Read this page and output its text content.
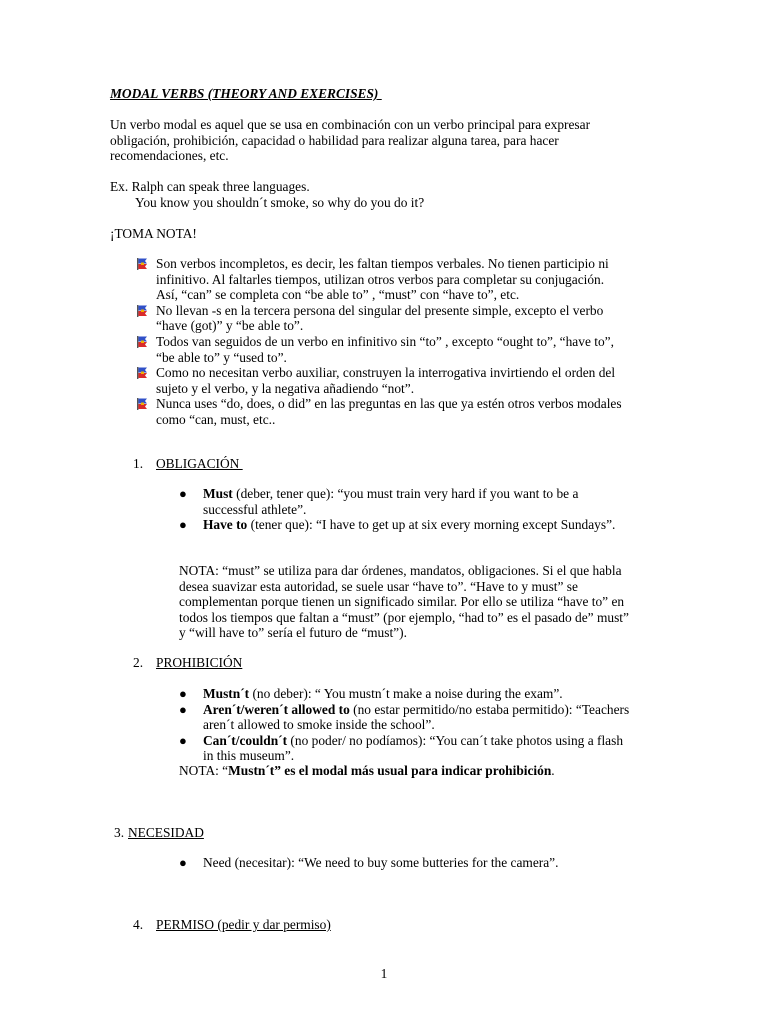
MODAL VERBS (THEORY AND EXERCISES)
Un verbo modal es aquel que se usa en combinación con un verbo principal para expresar
obligación, prohibición, capacidad o habilidad para realizar alguna tarea, para hacer
recomendaciones, etc.
Ex. Ralph can speak three languages.
You know you shouldn´t smoke, so why do you do it?
¡TOMA NOTA!
Son verbos incompletos, es decir, les faltan tiempos verbales. No tienen participio ni
infinitivo. Al faltarles tiempos, utilizan otros verbos para completar su conjugación.
Así, “can” se completa con “be able to” , “must” con “have to”, etc.
No llevan -s en la tercera persona del singular del presente simple, excepto el verbo
“have (got)” y “be able to”.
Todos van seguidos de un verbo en infinitivo sin “to” , excepto “ought to”, “have to”,
“be able to” y “used to”.
Como no necesitan verbo auxiliar, construyen la interrogativa invirtiendo el orden del
sujeto y el verbo, y la negativa añadiendo “not”.
Nunca uses “do, does, o did” en las preguntas en las que ya estén otros verbos modales
como “can, must, etc..
1. OBLIGACIÓN
● Must (deber, tener que): “you must train very hard if you want to be a
successful athlete”.
● Have to (tener que): “I have to get up at six every morning except Sundays”.
NOTA: “must” se utiliza para dar órdenes, mandatos, obligaciones. Si el que habla
desea suavizar esta autoridad, se suele usar “have to”. “Have to y must” se
complementan porque tienen un significado similar. Por ello se utiliza “have to” en
todos los tiempos que faltan a “must” (por ejemplo, “had to” es el pasado de” must”
y “will have to” sería el futuro de “must”).
2. PROHIBICIÓN
● Mustn´t (no deber): “ You mustn´t make a noise during the exam”.
● Aren´t/weren´t allowed to (no estar permitido/no estaba permitido): “Teachers
aren´t allowed to smoke inside the school”.
● Can´t/couldn´t (no poder/ no podíamos): “You can´t take photos using a flash
in this museum”.
NOTA: “Mustn´t” es el modal más usual para indicar prohibición.
3. NECESIDAD
● Need (necesitar): “We need to buy some butteries for the camera”.
4. PERMISO (pedir y dar permiso)
1
